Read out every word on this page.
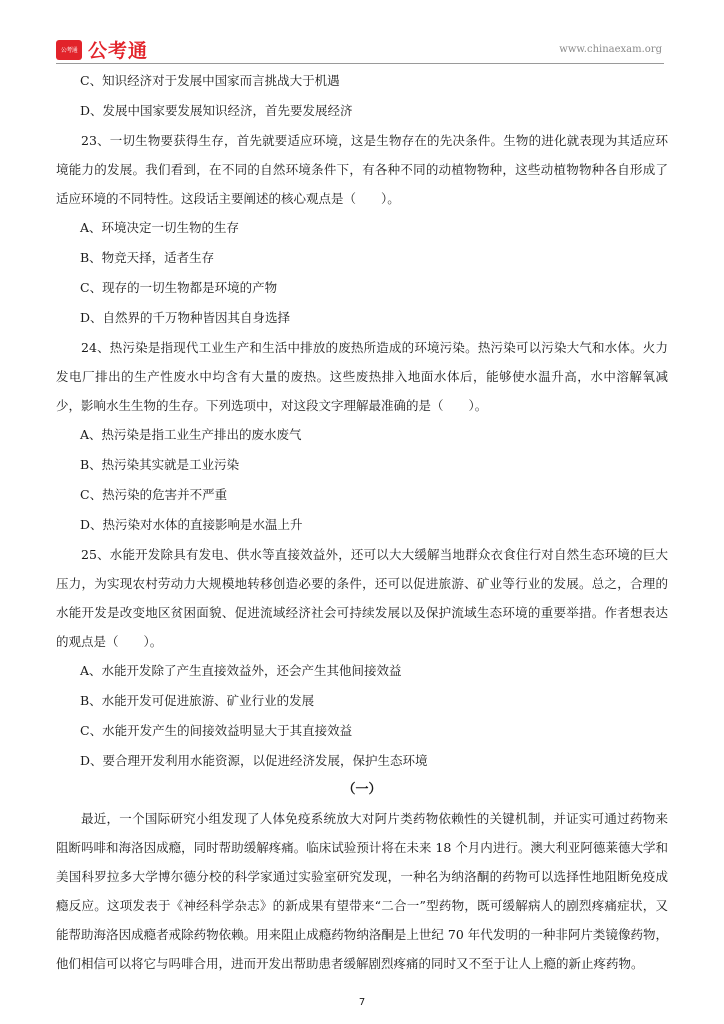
公考通 公考通	www.chinaexam.org

C、知识经济对于发展中国家而言挑战大于机遇

D、发展中国家要发展知识经济，首先要发展经济

23、一切生物要获得生存，首先就要适应环境，这是生物存在的先决条件。生物的进化就表现为其适应环境能力的发展。我们看到，在不同的自然环境条件下，有各种不同的动植物物种，这些动植物物种各自形成了适应环境的不同特性。这段话主要阐述的核心观点是（　　）。

A、环境决定一切生物的生存

B、物竞天择，适者生存

C、现存的一切生物都是环境的产物

D、自然界的千万物种皆因其自身选择

24、热污染是指现代工业生产和生活中排放的废热所造成的环境污染。热污染可以污染大气和水体。火力发电厂排出的生产性废水中均含有大量的废热。这些废热排入地面水体后，能够使水温升高，水中溶解氧减少，影响水生生物的生存。下列选项中，对这段文字理解最准确的是（　　）。

A、热污染是指工业生产排出的废水废气

B、热污染其实就是工业污染

C、热污染的危害并不严重

D、热污染对水体的直接影响是水温上升

25、水能开发除具有发电、供水等直接效益外，还可以大大缓解当地群众衣食住行对自然生态环境的巨大压力，为实现农村劳动力大规模地转移创造必要的条件，还可以促进旅游、矿业等行业的发展。总之，合理的水能开发是改变地区贫困面貌、促进流域经济社会可持续发展以及保护流域生态环境的重要举措。作者想表达的观点是（　　）。

A、水能开发除了产生直接效益外，还会产生其他间接效益

B、水能开发可促进旅游、矿业行业的发展

C、水能开发产生的间接效益明显大于其直接效益

D、要合理开发利用水能资源，以促进经济发展，保护生态环境

（一）

最近，一个国际研究小组发现了人体免疫系统放大对阿片类药物依赖性的关键机制，并证实可通过药物来阻断吗啡和海洛因成瘾，同时帮助缓解疼痛。临床试验预计将在未来 18 个月内进行。澳大利亚阿德莱德大学和美国科罗拉多大学博尔德分校的科学家通过实验室研究发现，一种名为纳洛酮的药物可以选择性地阻断免疫成瘾反应。这项发表于《神经科学杂志》的新成果有望带来“二合一”型药物，既可缓解病人的剧烈疼痛症状，又能帮助海洛因成瘾者戒除药物依赖。用来阻止成瘾药物纳洛酮是上世纪 70 年代发明的一种非阿片类镜像药物，他们相信可以将它与吗啡合用，进而开发出帮助患者缓解剧烈疼痛的同时又不至于让人上瘾的新止疼药物。

7
